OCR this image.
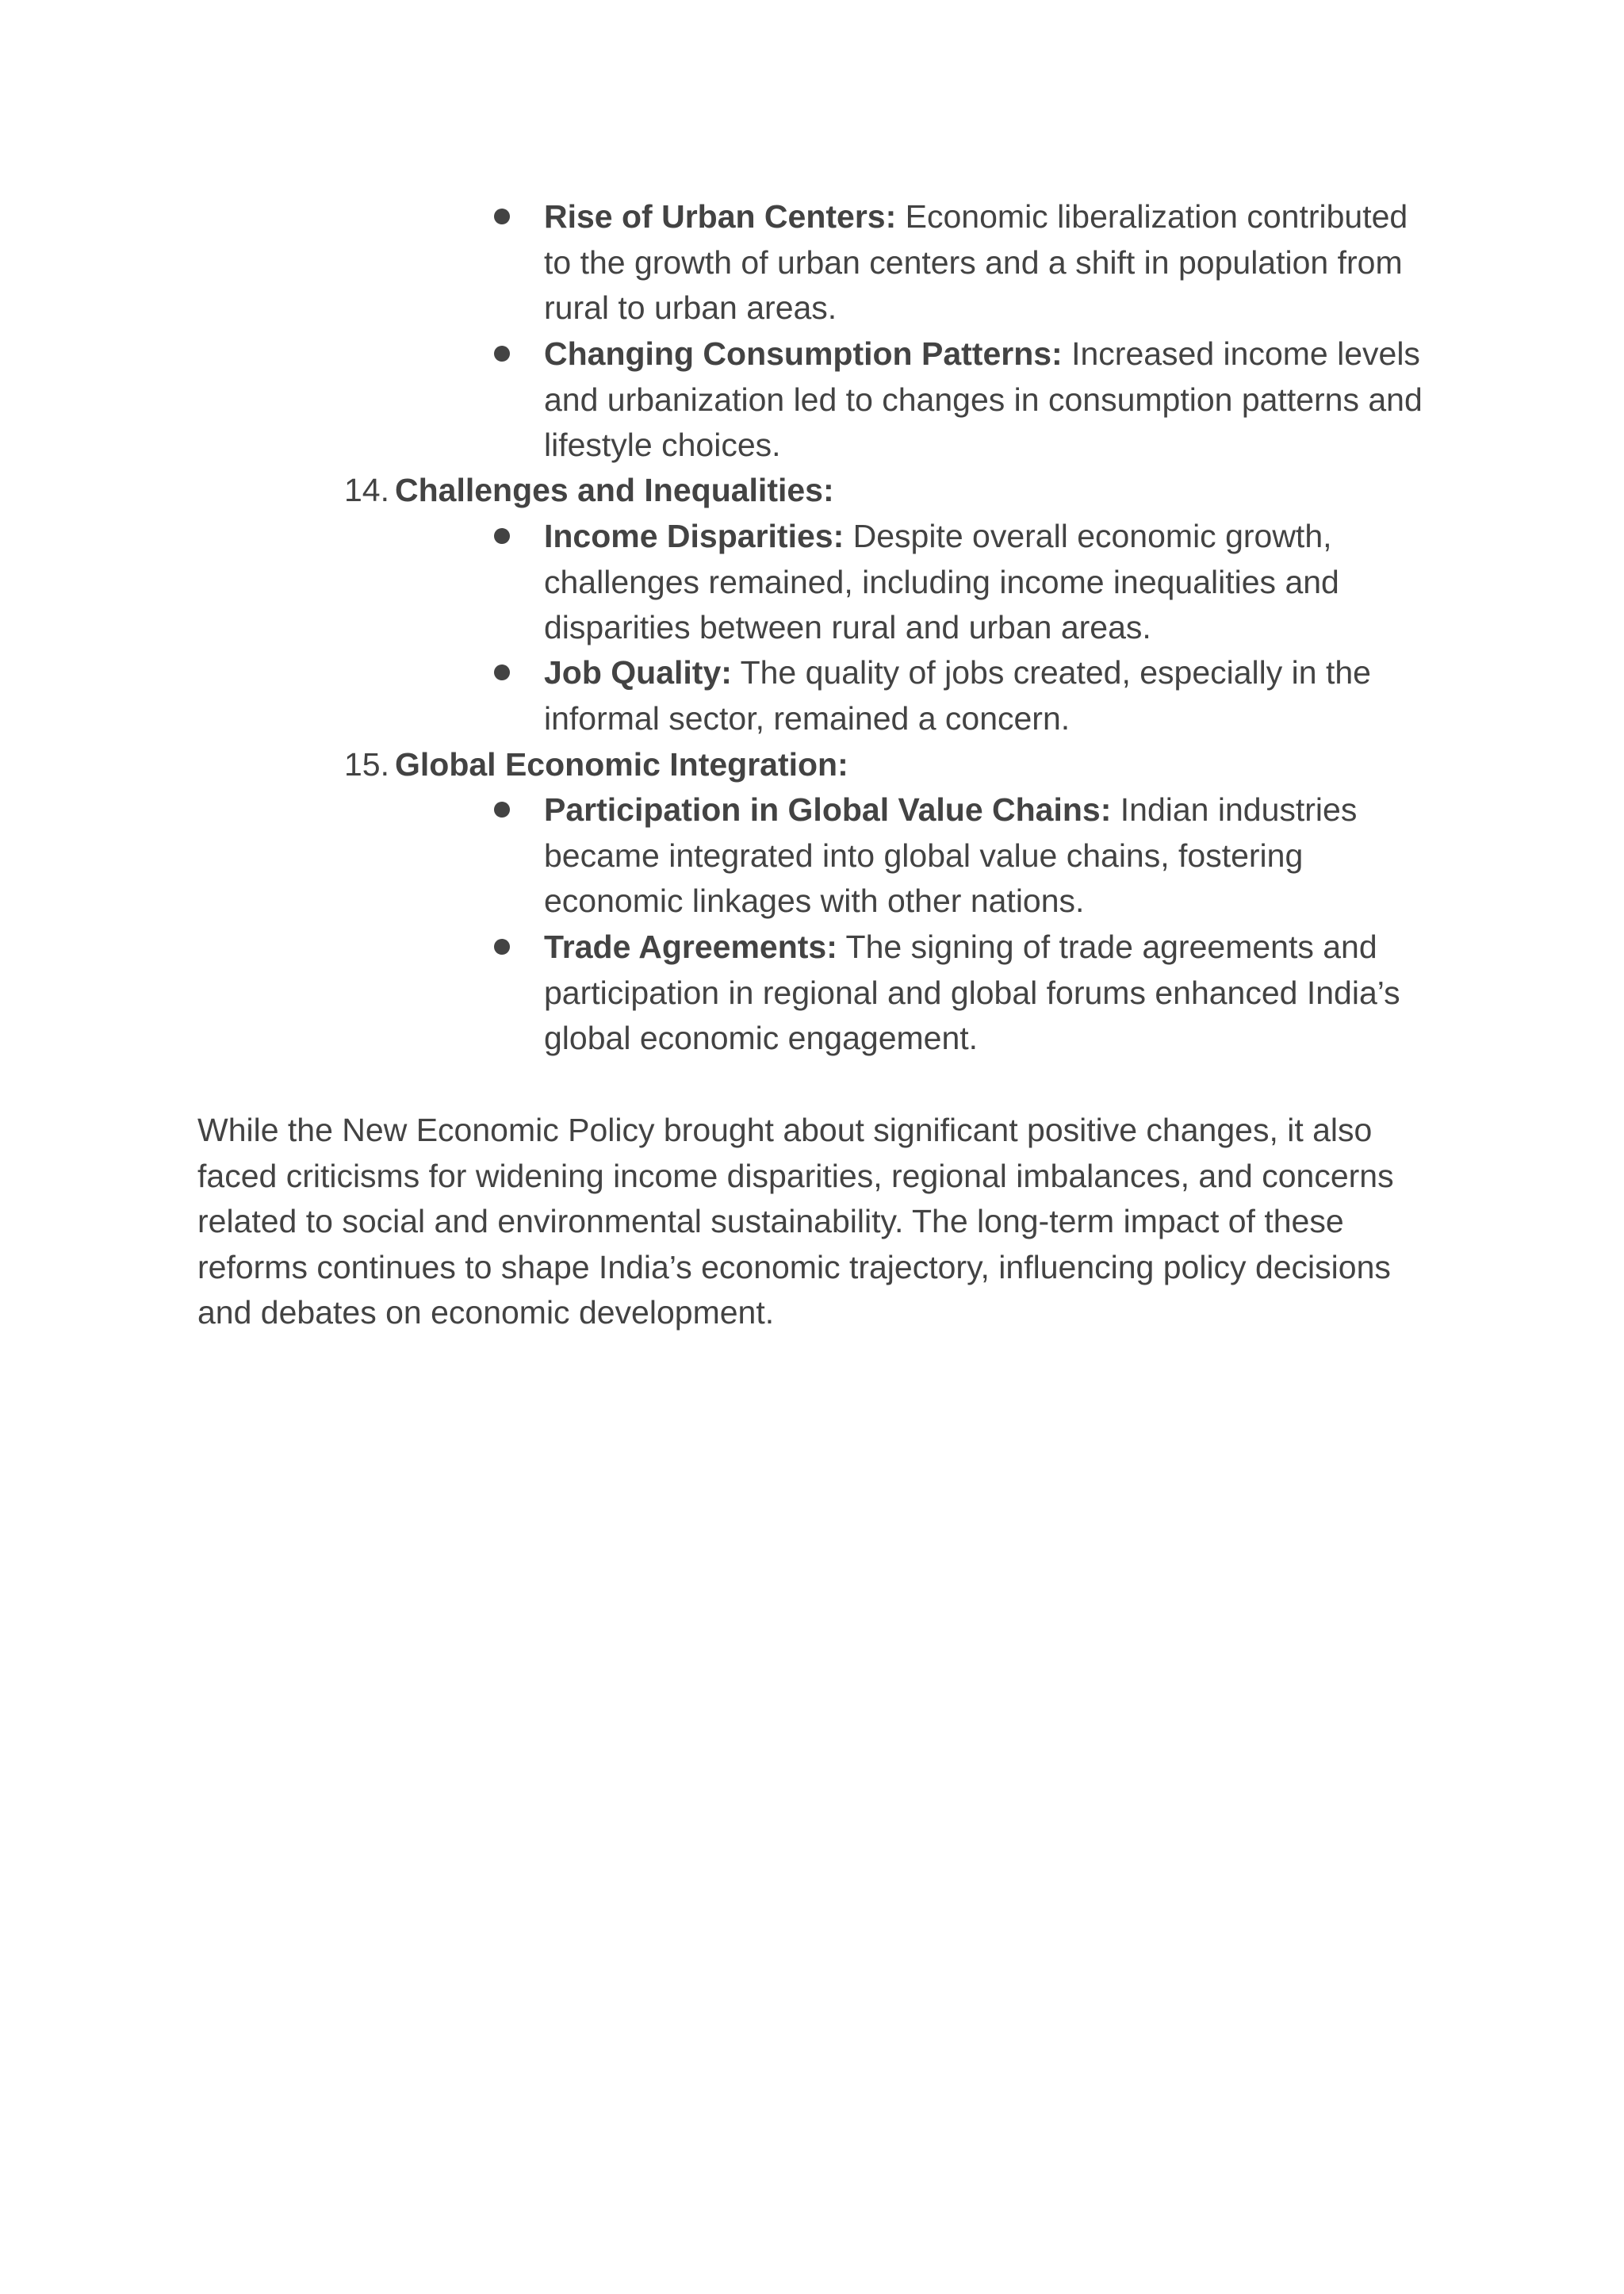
Rise of Urban Centers: Economic liberalization contributed to the growth of urban centers and a shift in population from rural to urban areas.
Changing Consumption Patterns: Increased income levels and urbanization led to changes in consumption patterns and lifestyle choices.
14. Challenges and Inequalities:
Income Disparities: Despite overall economic growth, challenges remained, including income inequalities and disparities between rural and urban areas.
Job Quality: The quality of jobs created, especially in the informal sector, remained a concern.
15. Global Economic Integration:
Participation in Global Value Chains: Indian industries became integrated into global value chains, fostering economic linkages with other nations.
Trade Agreements: The signing of trade agreements and participation in regional and global forums enhanced India’s global economic engagement.
While the New Economic Policy brought about significant positive changes, it also faced criticisms for widening income disparities, regional imbalances, and concerns related to social and environmental sustainability. The long-term impact of these reforms continues to shape India’s economic trajectory, influencing policy decisions and debates on economic development.
